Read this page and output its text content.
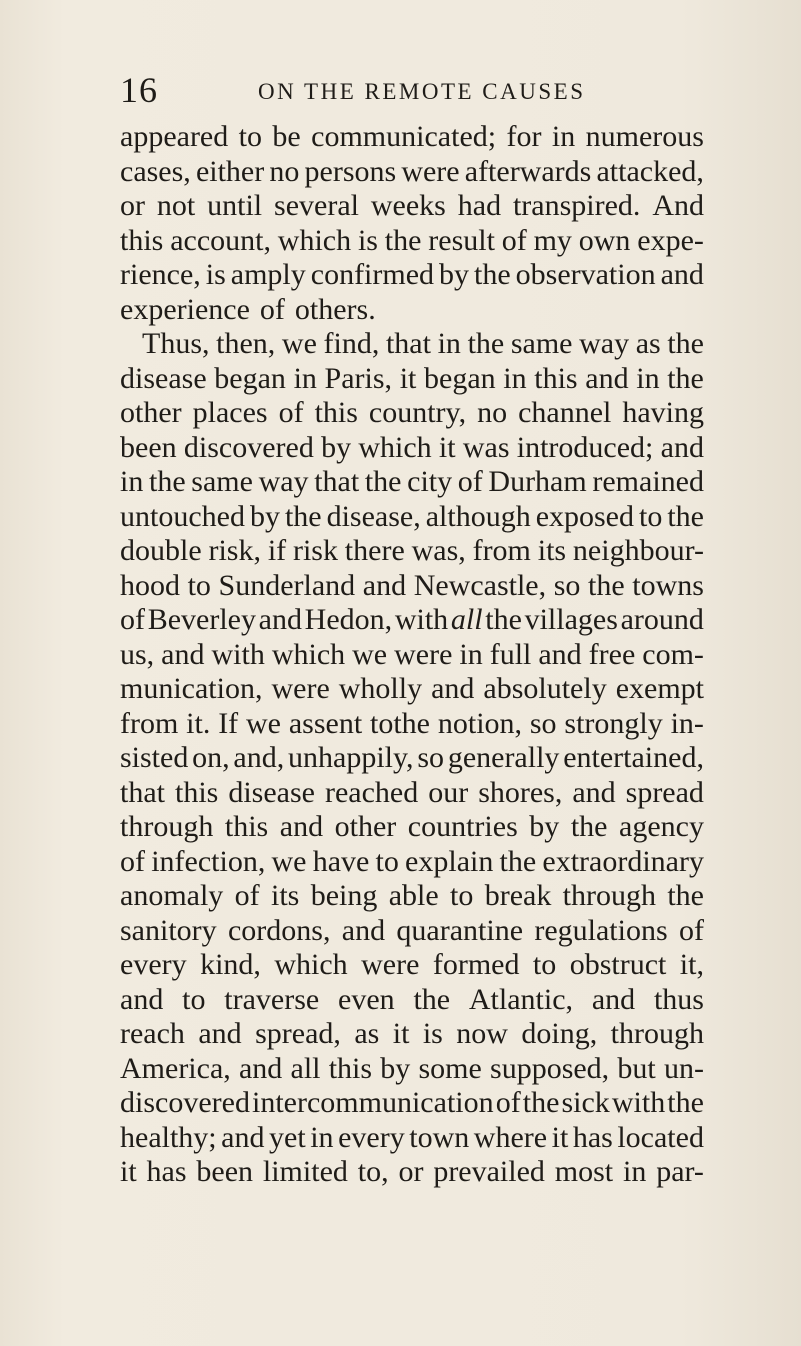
16	ON THE REMOTE CAUSES
appeared to be communicated; for in numerous
cases, either no persons were afterwards attacked,
or not until several weeks had transpired. And
this account, which is the result of my own expe-
rience, is amply confirmed by the observation and
experience of others.
Thus, then, we find, that in the same way as the
disease began in Paris, it began in this and in the
other places of this country, no channel having
been discovered by which it was introduced; and
in the same way that the city of Durham remained
untouched by the disease, although exposed to the
double risk, if risk there was, from its neighbour-
hood to Sunderland and Newcastle, so the towns
of Beverley and Hedon, with all the villages around
us, and with which we were in full and free com-
munication, were wholly and absolutely exempt
from it. If we assent tothe notion, so strongly in-
sisted on, and, unhappily, so generally entertained,
that this disease reached our shores, and spread
through this and other countries by the agency
of infection, we have to explain the extraordinary
anomaly of its being able to break through the
sanitory cordons, and quarantine regulations of
every kind, which were formed to obstruct it,
and to traverse even the Atlantic, and thus
reach and spread, as it is now doing, through
America, and all this by some supposed, but un-
discovered intercommunication of the sick with the
healthy; and yet in every town where it has located
it has been limited to, or prevailed most in par-
